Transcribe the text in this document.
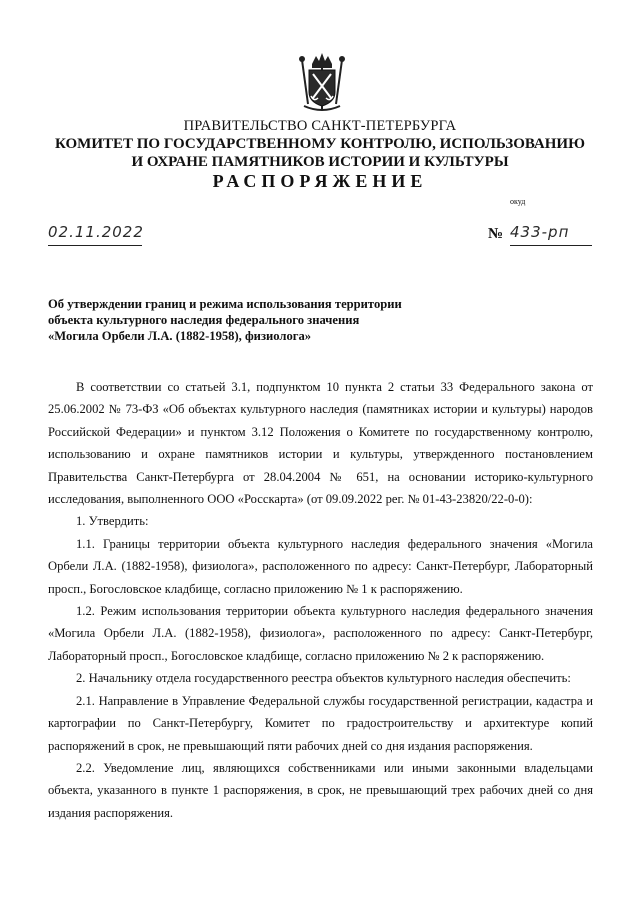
ПРАВИТЕЛЬСТВО САНКТ-ПЕТЕРБУРГА
КОМИТЕТ ПО ГОСУДАРСТВЕННОМУ КОНТРОЛЮ, ИСПОЛЬЗОВАНИЮ
И ОХРАНЕ ПАМЯТНИКОВ ИСТОРИИ И КУЛЬТУРЫ
РАСПОРЯЖЕНИЕ
окуд
02.11.2022	№ 433-рп
Об утверждении границ и режима использования территории
объекта культурного наследия федерального значения
«Могила Орбели Л.А. (1882-1958), физиолога»

В соответствии со статьей 3.1, подпунктом 10 пункта 2 статьи 33 Федерального закона от 25.06.2002 № 73-ФЗ «Об объектах культурного наследия (памятниках истории и культуры) народов Российской Федерации» и пунктом 3.12 Положения о Комитете по государственному контролю, использованию и охране памятников истории и культуры, утвержденного постановлением Правительства Санкт-Петербурга от 28.04.2004 № 651, на основании историко-культурного исследования, выполненного ООО «Росскарта» (от 09.09.2022 рег. № 01-43-23820/22-0-0):

1. Утвердить:

1.1. Границы территории объекта культурного наследия федерального значения «Могила Орбели Л.А. (1882-1958), физиолога», расположенного по адресу: Санкт-Петербург, Лабораторный просп., Богословское кладбище, согласно приложению № 1 к распоряжению.

1.2. Режим использования территории объекта культурного наследия федерального значения «Могила Орбели Л.А. (1882-1958), физиолога», расположенного по адресу: Санкт-Петербург, Лабораторный просп., Богословское кладбище, согласно приложению № 2 к распоряжению.

2. Начальнику отдела государственного реестра объектов культурного наследия обеспечить:

2.1. Направление в Управление Федеральной службы государственной регистрации, кадастра и картографии по Санкт-Петербургу, Комитет по градостроительству и архитектуре копий распоряжений в срок, не превышающий пяти рабочих дней со дня издания распоряжения.

2.2. Уведомление лиц, являющихся собственниками или иными законными владельцами объекта, указанного в пункте 1 распоряжения, в срок, не превышающий трех рабочих дней со дня издания распоряжения.
